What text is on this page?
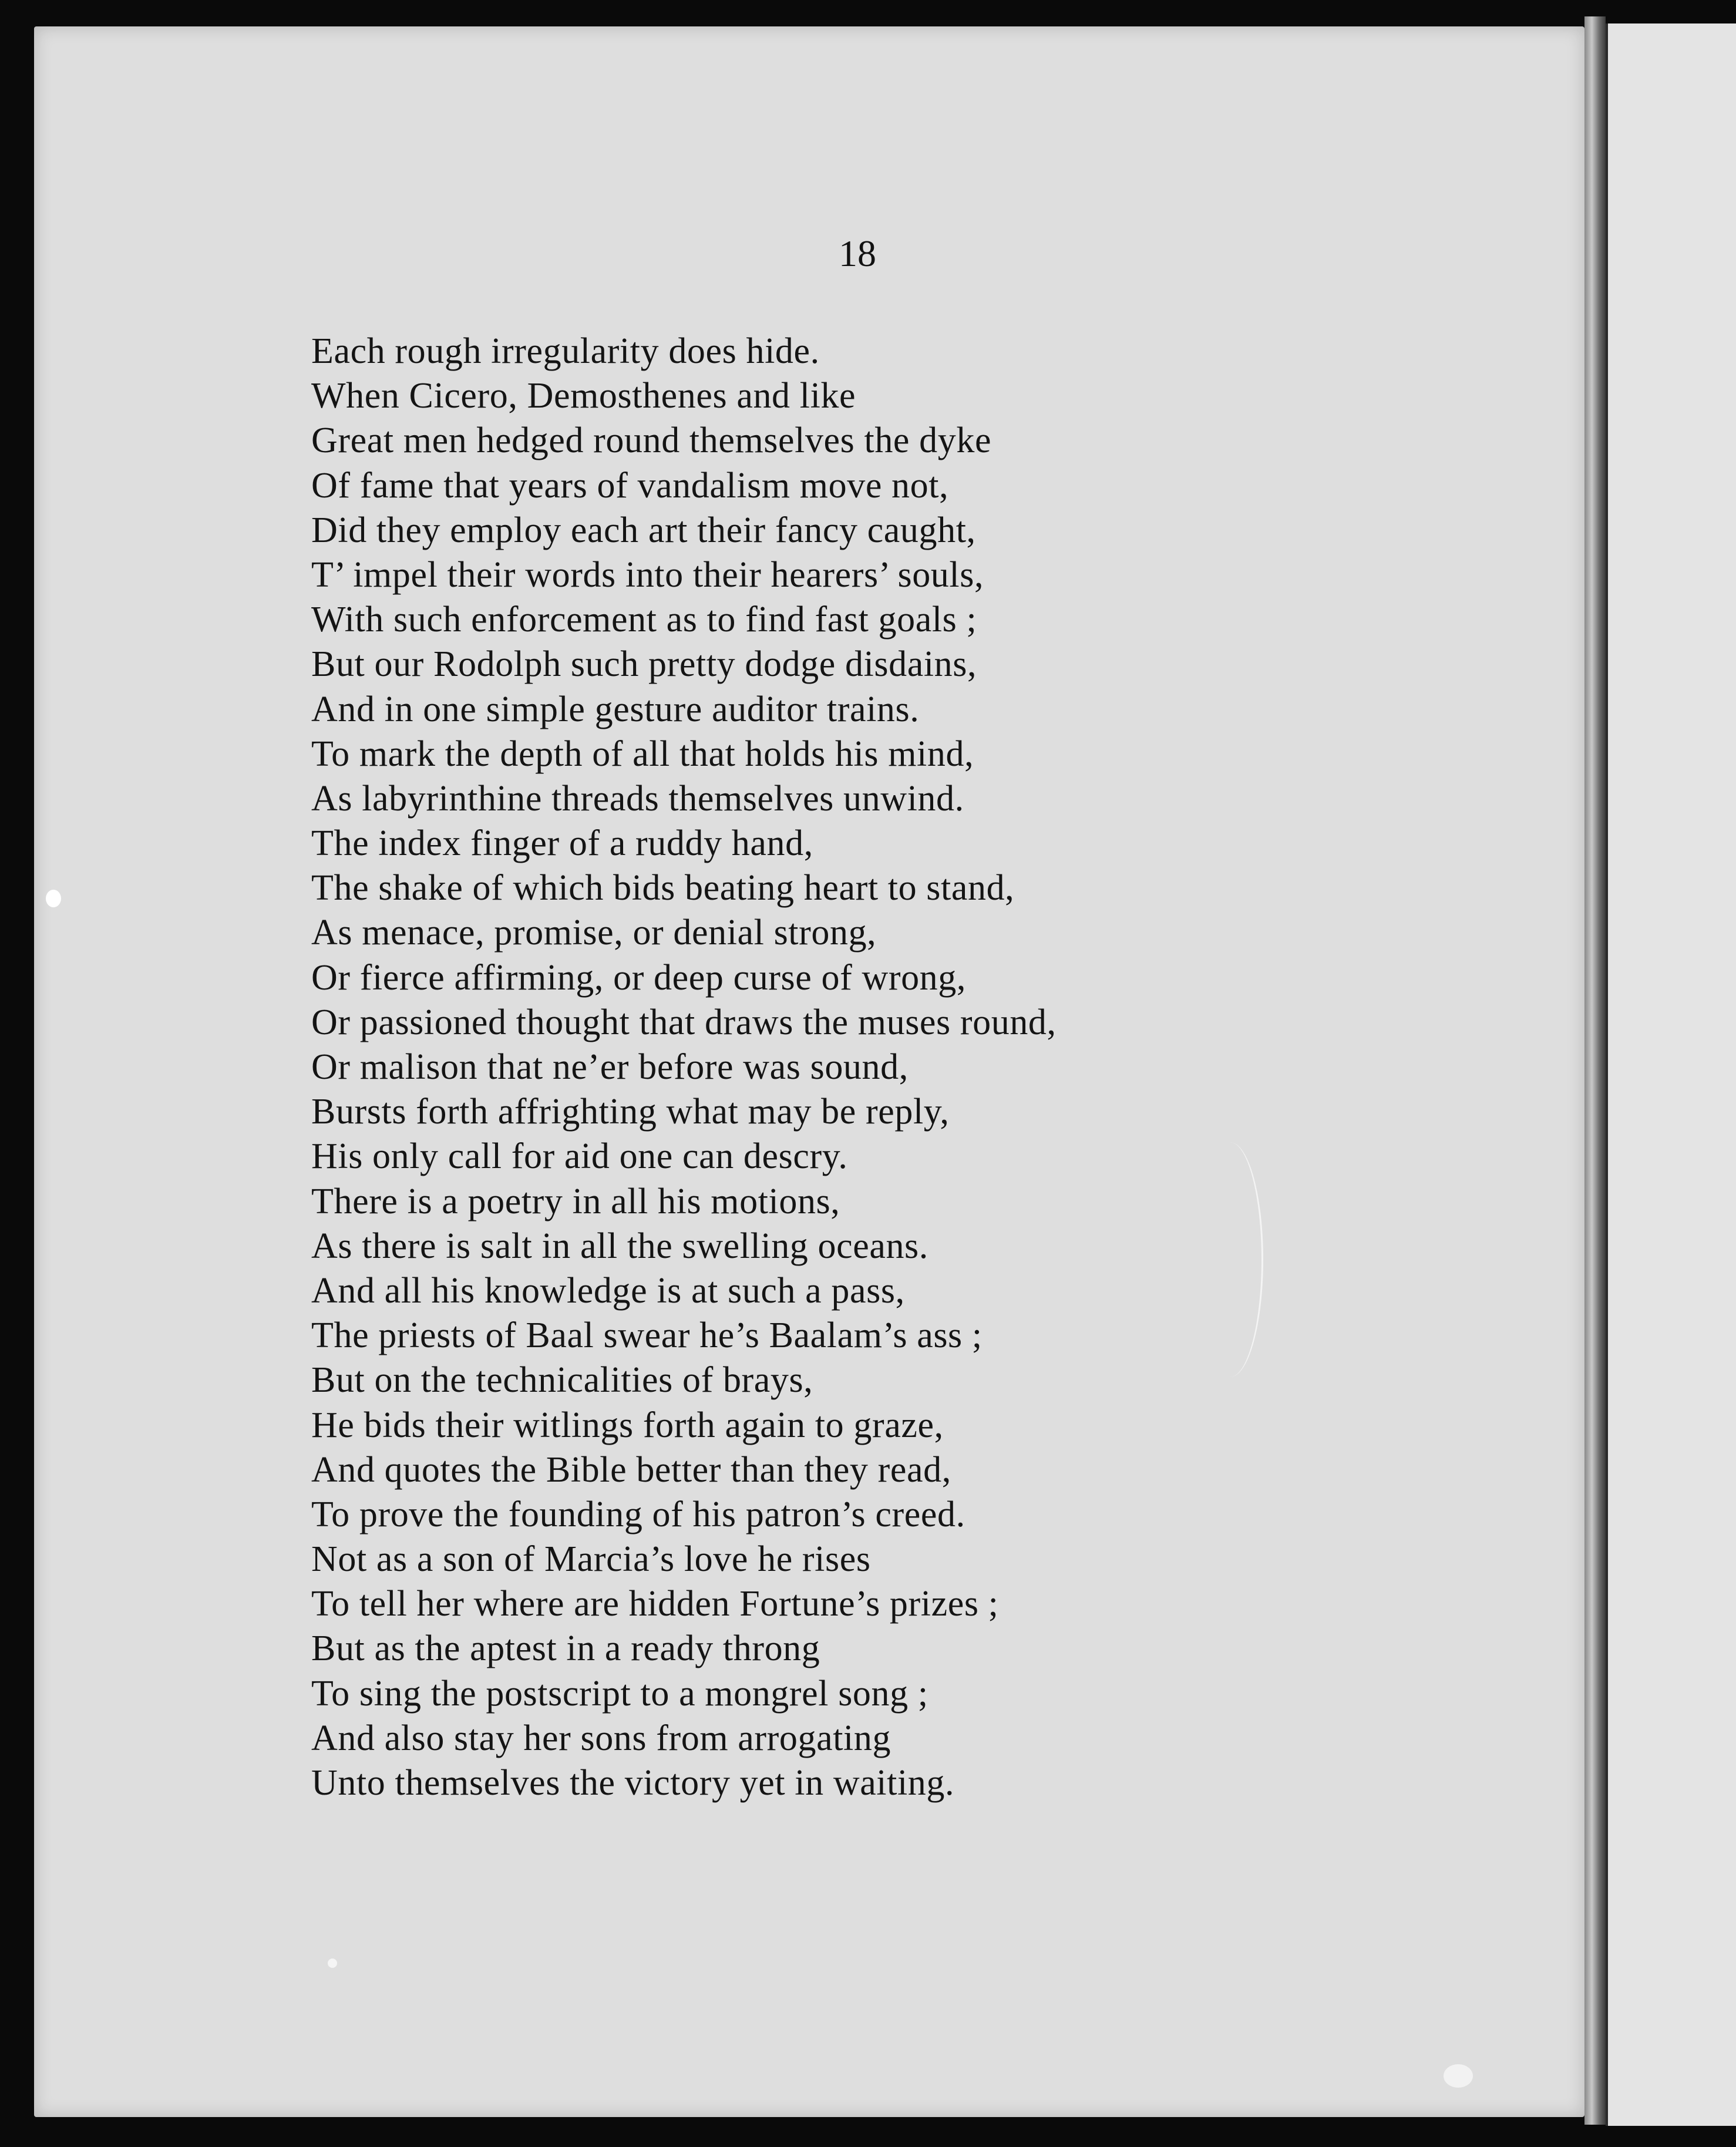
18
Each rough irregularity does hide.
When Cicero, Demosthenes and like
Great men hedged round themselves the dyke
Of fame that years of vandalism move not,
Did they employ each art their fancy caught,
T’ impel their words into their hearers’ souls,
With such enforcement as to find fast goals ;
But our Rodolph such pretty dodge disdains,
And in one simple gesture auditor trains.
To mark the depth of all that holds his mind,
As labyrinthine threads themselves unwind.
The index finger of a ruddy hand,
The shake of which bids beating heart to stand,
As menace, promise, or denial strong,
Or fierce affirming, or deep curse of wrong,
Or passioned thought that draws the muses round,
Or malison that ne’er before was sound,
Bursts forth affrighting what may be reply,
His only call for aid one can descry.
There is a poetry in all his motions,
As there is salt in all the swelling oceans.
And all his knowledge is at such a pass,
The priests of Baal swear he’s Baalam’s ass ;
But on the technicalities of brays,
He bids their witlings forth again to graze,
And quotes the Bible better than they read,
To prove the founding of his patron’s creed.
Not as a son of Marcia’s love he rises
To tell her where are hidden Fortune’s prizes ;
But as the aptest in a ready throng
To sing the postscript to a mongrel song ;
And also stay her sons from arrogating
Unto themselves the victory yet in waiting.
